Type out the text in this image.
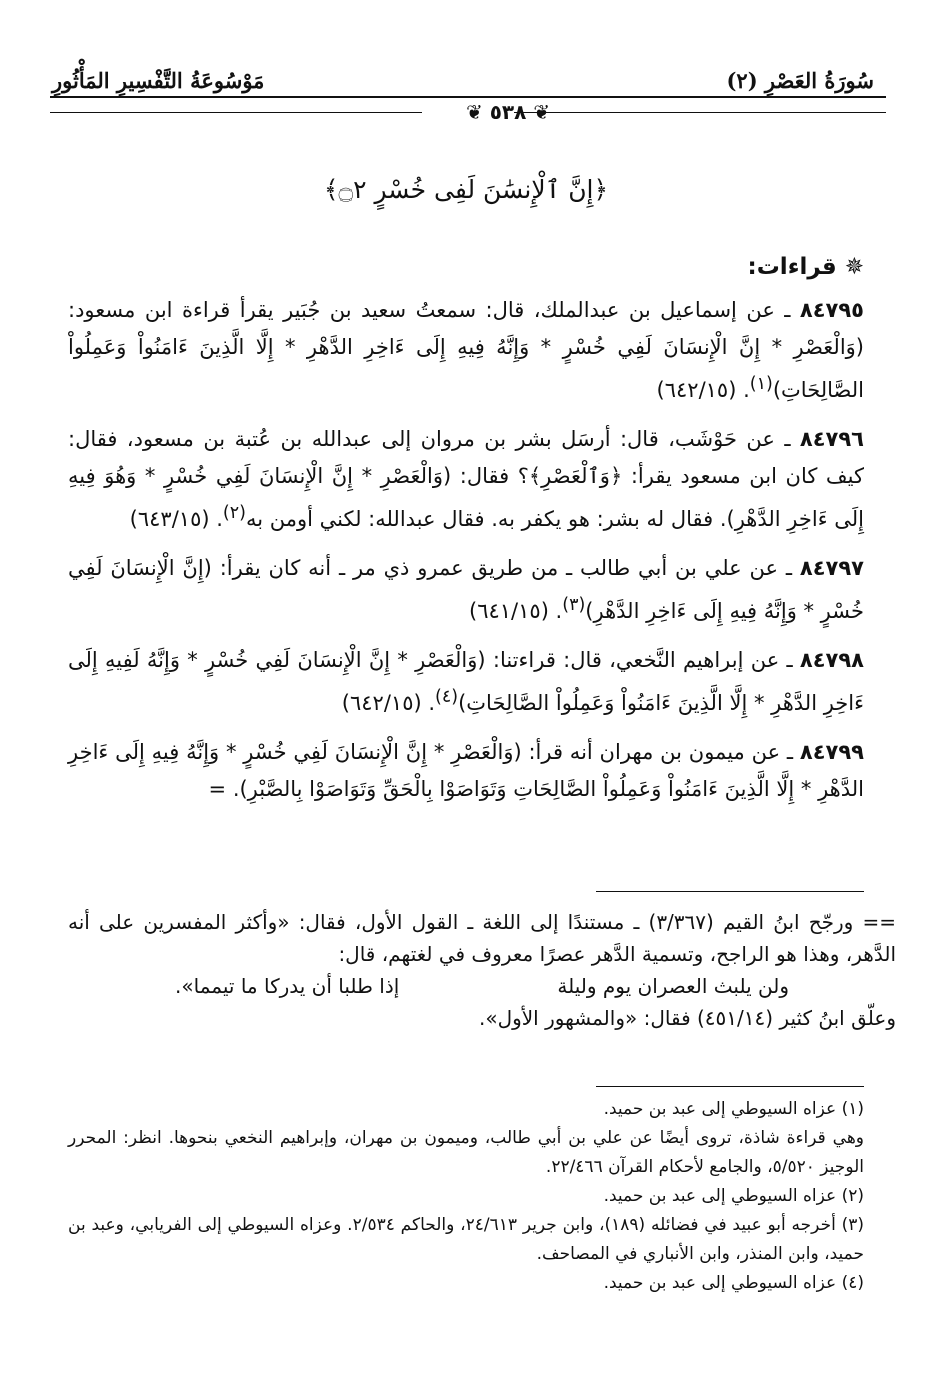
سُورَةُ العَصْرِ (٢)
مَوْسُوعَةُ التَّفْسِيرِ المَأْثُورِ
❦ ٥٣٨ ❦
﴿إِنَّ ٱلْإِنسَٰنَ لَفِى خُسْرٍ ۝٢﴾
✵ قراءات:

٨٤٧٩٥ ـ عن إسماعيل بن عبدالملك، قال: سمعتُ سعيد بن جُبَير يقرأ قراءة ابن مسعود: (وَالْعَصْرِ * إِنَّ الْإِنسَانَ لَفِي خُسْرٍ * وَإِنَّهُ فِيهِ إِلَى ءَاخِرِ الدَّهْرِ * إِلَّا الَّذِينَ ءَامَنُواْ وَعَمِلُواْ الصَّالِحَاتِ)$^{(١)}$. (٦٤٢/١٥)

٨٤٧٩٦ ـ عن حَوْشَب، قال: أرسَل بشر بن مروان إلى عبدالله بن عُتبة بن مسعود، فقال: كيف كان ابن مسعود يقرأ: ﴿وَٱلْعَصْرِ﴾؟ فقال: (وَالْعَصْرِ * إِنَّ الْإِنسَانَ لَفِي خُسْرٍ * وَهُوَ فِيهِ إِلَى ءَاخِرِ الدَّهْرِ). فقال له بشر: هو يكفر به. فقال عبدالله: لكني أومن به$^{(٢)}$. (٦٤٣/١٥)

٨٤٧٩٧ ـ عن علي بن أبي طالب ـ من طريق عمرو ذي مر ـ أنه كان يقرأ: (إِنَّ الْإِنسَانَ لَفِي خُسْرٍ * وَإِنَّهُ فِيهِ إِلَى ءَاخِرِ الدَّهْرِ)$^{(٣)}$. (٦٤١/١٥)

٨٤٧٩٨ ـ عن إبراهيم النَّخعي، قال: قراءتنا: (وَالْعَصْرِ * إِنَّ الْإِنسَانَ لَفِي خُسْرٍ * وَإِنَّهُ لَفِيهِ إِلَى ءَاخِرِ الدَّهْرِ * إِلَّا الَّذِينَ ءَامَنُواْ وَعَمِلُواْ الصَّالِحَاتِ)$^{(٤)}$. (٦٤٢/١٥)

٨٤٧٩٩ ـ عن ميمون بن مهران أنه قرأ: (وَالْعَصْرِ * إِنَّ الْإِنسَانَ لَفِي خُسْرٍ * وَإِنَّهُ فِيهِ إِلَى ءَاخِرِ الدَّهْرِ * إِلَّا الَّذِينَ ءَامَنُواْ وَعَمِلُواْ الصَّالِحَاتِ وَتَوَاصَوْا بِالْحَقِّ وَتَوَاصَوْا بِالصَّبْرِ). =

== ورجّح ابنُ القيم (٣/٣٦٧) ـ مستندًا إلى اللغة ـ القول الأول، فقال: «وأكثر المفسرين على أنه الدَّهر، وهذا هو الراجح، وتسمية الدَّهر عصرًا معروف في لغتهم، قال:
ولن يلبث العصران يوم وليلة
إذا طلبا أن يدركا ما تيمما».
وعلّق ابنُ كثير (٤٥١/١٤) فقال: «والمشهور الأول».

(١) عزاه السيوطي إلى عبد بن حميد.

وهي قراءة شاذة، تروى أيضًا عن علي بن أبي طالب، وميمون بن مهران، وإبراهيم النخعي بنحوها. انظر: المحرر الوجيز ٥/٥٢٠، والجامع لأحكام القرآن ٢٢/٤٦٦.

(٢) عزاه السيوطي إلى عبد بن حميد.

(٣) أخرجه أبو عبيد في فضائله (١٨٩)، وابن جرير ٢٤/٦١٣، والحاكم ٢/٥٣٤. وعزاه السيوطي إلى الفريابي، وعبد بن حميد، وابن المنذر، وابن الأنباري في المصاحف.

(٤) عزاه السيوطي إلى عبد بن حميد.
